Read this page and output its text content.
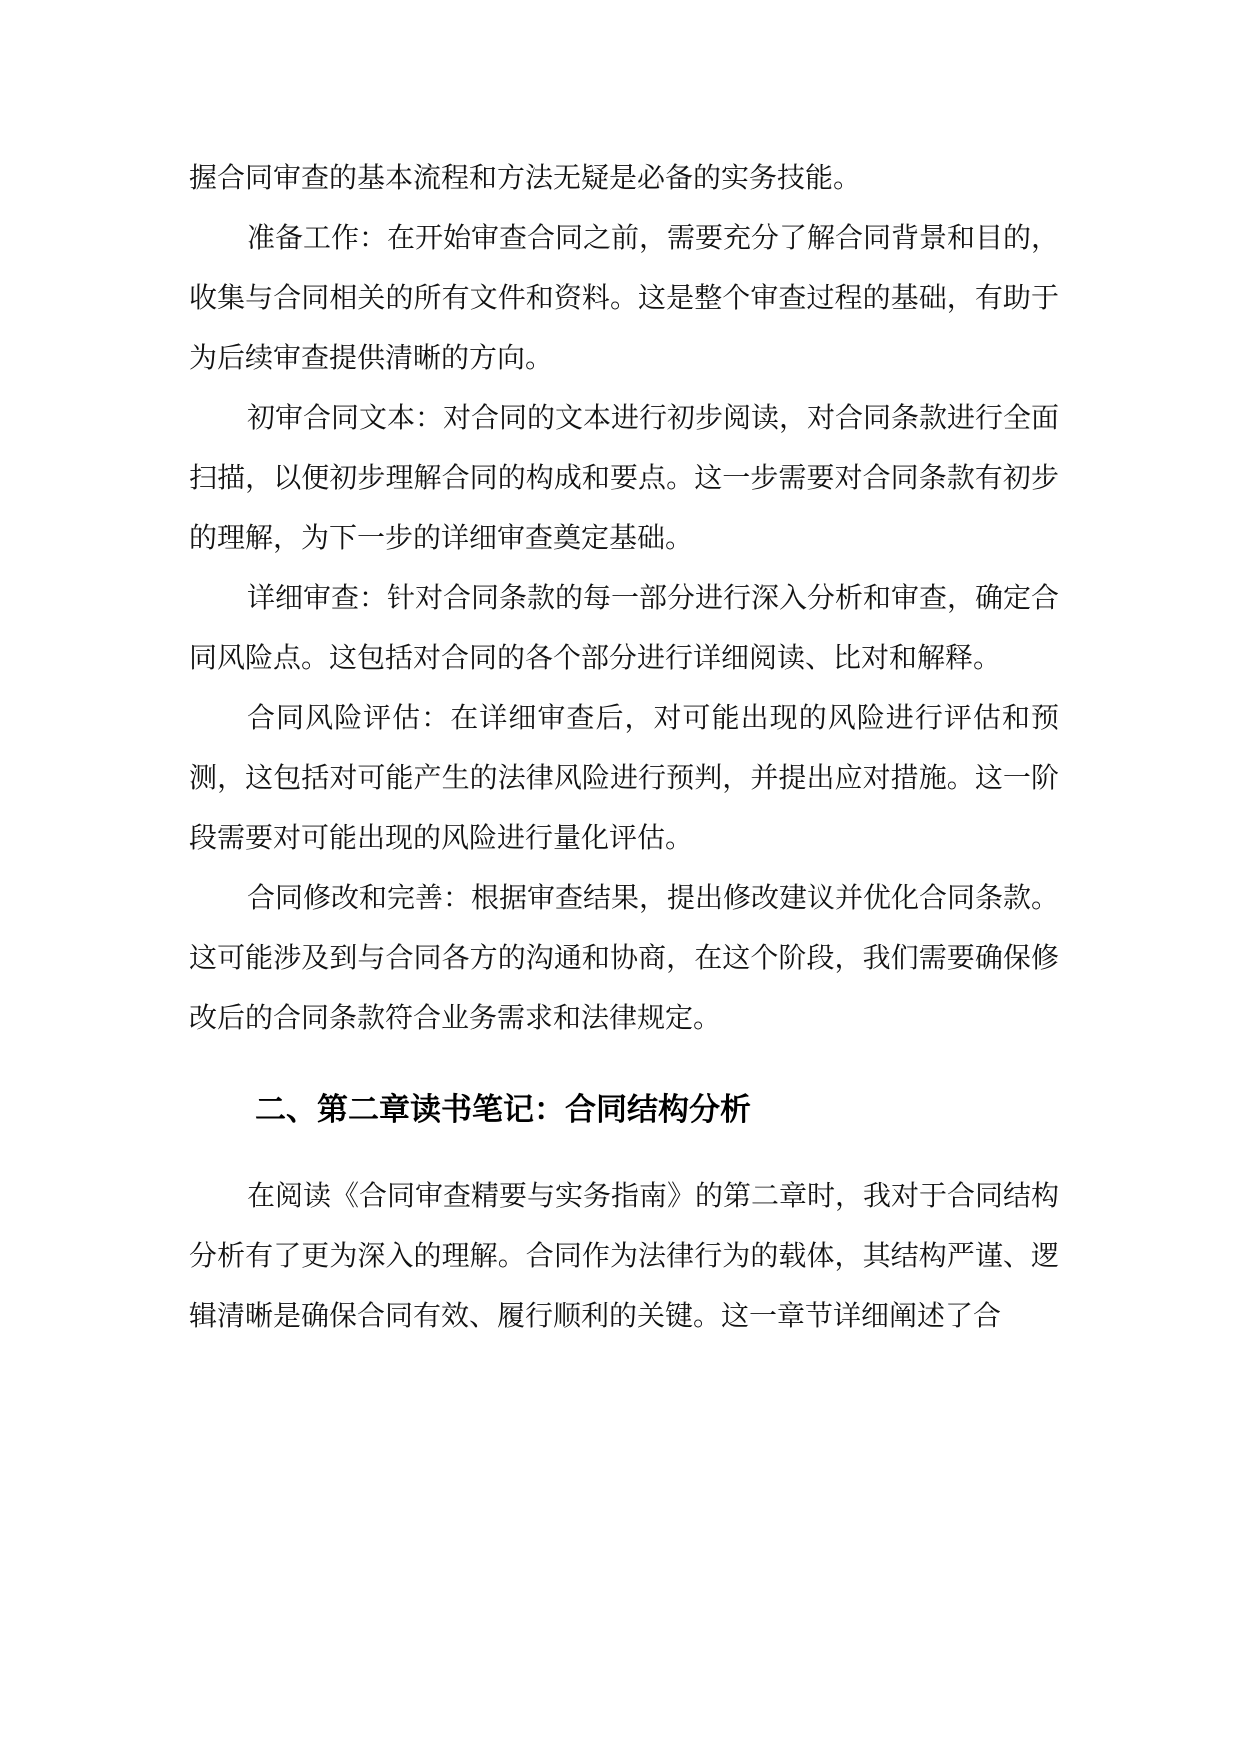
握合同审查的基本流程和方法无疑是必备的实务技能。

准备工作：在开始审查合同之前，需要充分了解合同背景和目的，收集与合同相关的所有文件和资料。这是整个审查过程的基础，有助于为后续审查提供清晰的方向。

初审合同文本：对合同的文本进行初步阅读，对合同条款进行全面扫描，以便初步理解合同的构成和要点。这一步需要对合同条款有初步的理解，为下一步的详细审查奠定基础。

详细审查：针对合同条款的每一部分进行深入分析和审查，确定合同风险点。这包括对合同的各个部分进行详细阅读、比对和解释。

合同风险评估：在详细审查后，对可能出现的风险进行评估和预测，这包括对可能产生的法律风险进行预判，并提出应对措施。这一阶段需要对可能出现的风险进行量化评估。

合同修改和完善：根据审查结果，提出修改建议并优化合同条款。这可能涉及到与合同各方的沟通和协商，在这个阶段，我们需要确保修改后的合同条款符合业务需求和法律规定。

二、第二章读书笔记：合同结构分析

在阅读《合同审查精要与实务指南》的第二章时，我对于合同结构分析有了更为深入的理解。合同作为法律行为的载体，其结构严谨、逻辑清晰是确保合同有效、履行顺利的关键。这一章节详细阐述了合
